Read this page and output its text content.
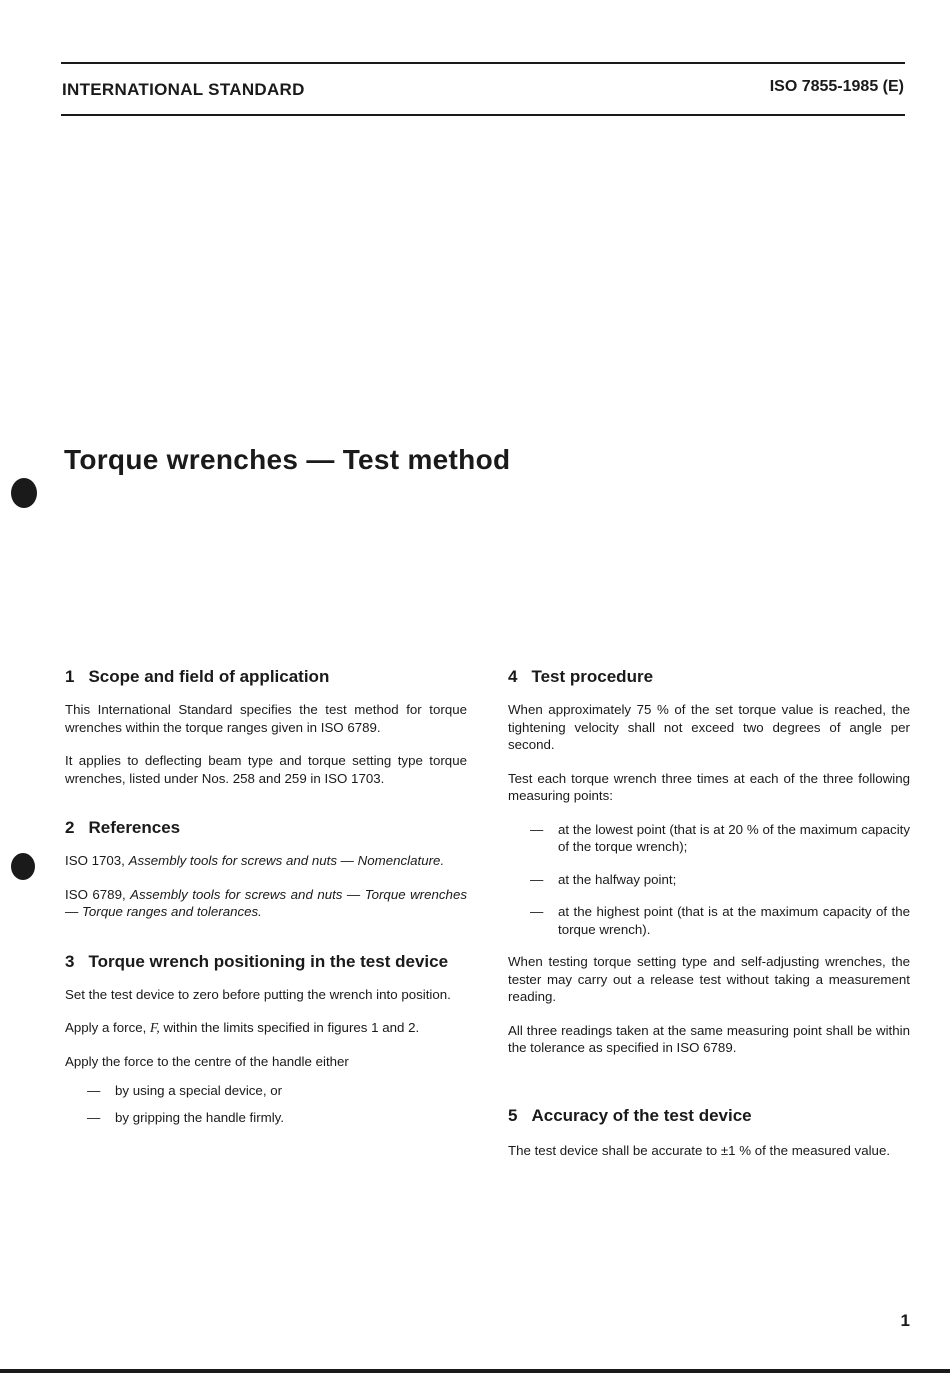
INTERNATIONAL STANDARD	ISO 7855-1985 (E)
Torque wrenches — Test method
1 Scope and field of application

This International Standard specifies the test method for torque wrenches within the torque ranges given in ISO 6789.

It applies to deflecting beam type and torque setting type torque wrenches, listed under Nos. 258 and 259 in ISO 1703.

2 References

ISO 1703, Assembly tools for screws and nuts — Nomenclature.

ISO 6789, Assembly tools for screws and nuts — Torque wrenches — Torque ranges and tolerances.

3 Torque wrench positioning in the test device

Set the test device to zero before putting the wrench into position.

Apply a force, F, within the limits specified in figures 1 and 2.

Apply the force to the centre of the handle either

—	by using a special device, or
—	by gripping the handle firmly.
4 Test procedure

When approximately 75 % of the set torque value is reached, the tightening velocity shall not exceed two degrees of angle per second.

Test each torque wrench three times at each of the three following measuring points:

—	at the lowest point (that is at 20 % of the maximum capacity of the torque wrench);
—	at the halfway point;
—	at the highest point (that is at the maximum capacity of the torque wrench).

When testing torque setting type and self-adjusting wrenches, the tester may carry out a release test without taking a measurement reading.

All three readings taken at the same measuring point shall be within the tolerance as specified in ISO 6789.

5 Accuracy of the test device

The test device shall be accurate to ±1 % of the measured value.

1
